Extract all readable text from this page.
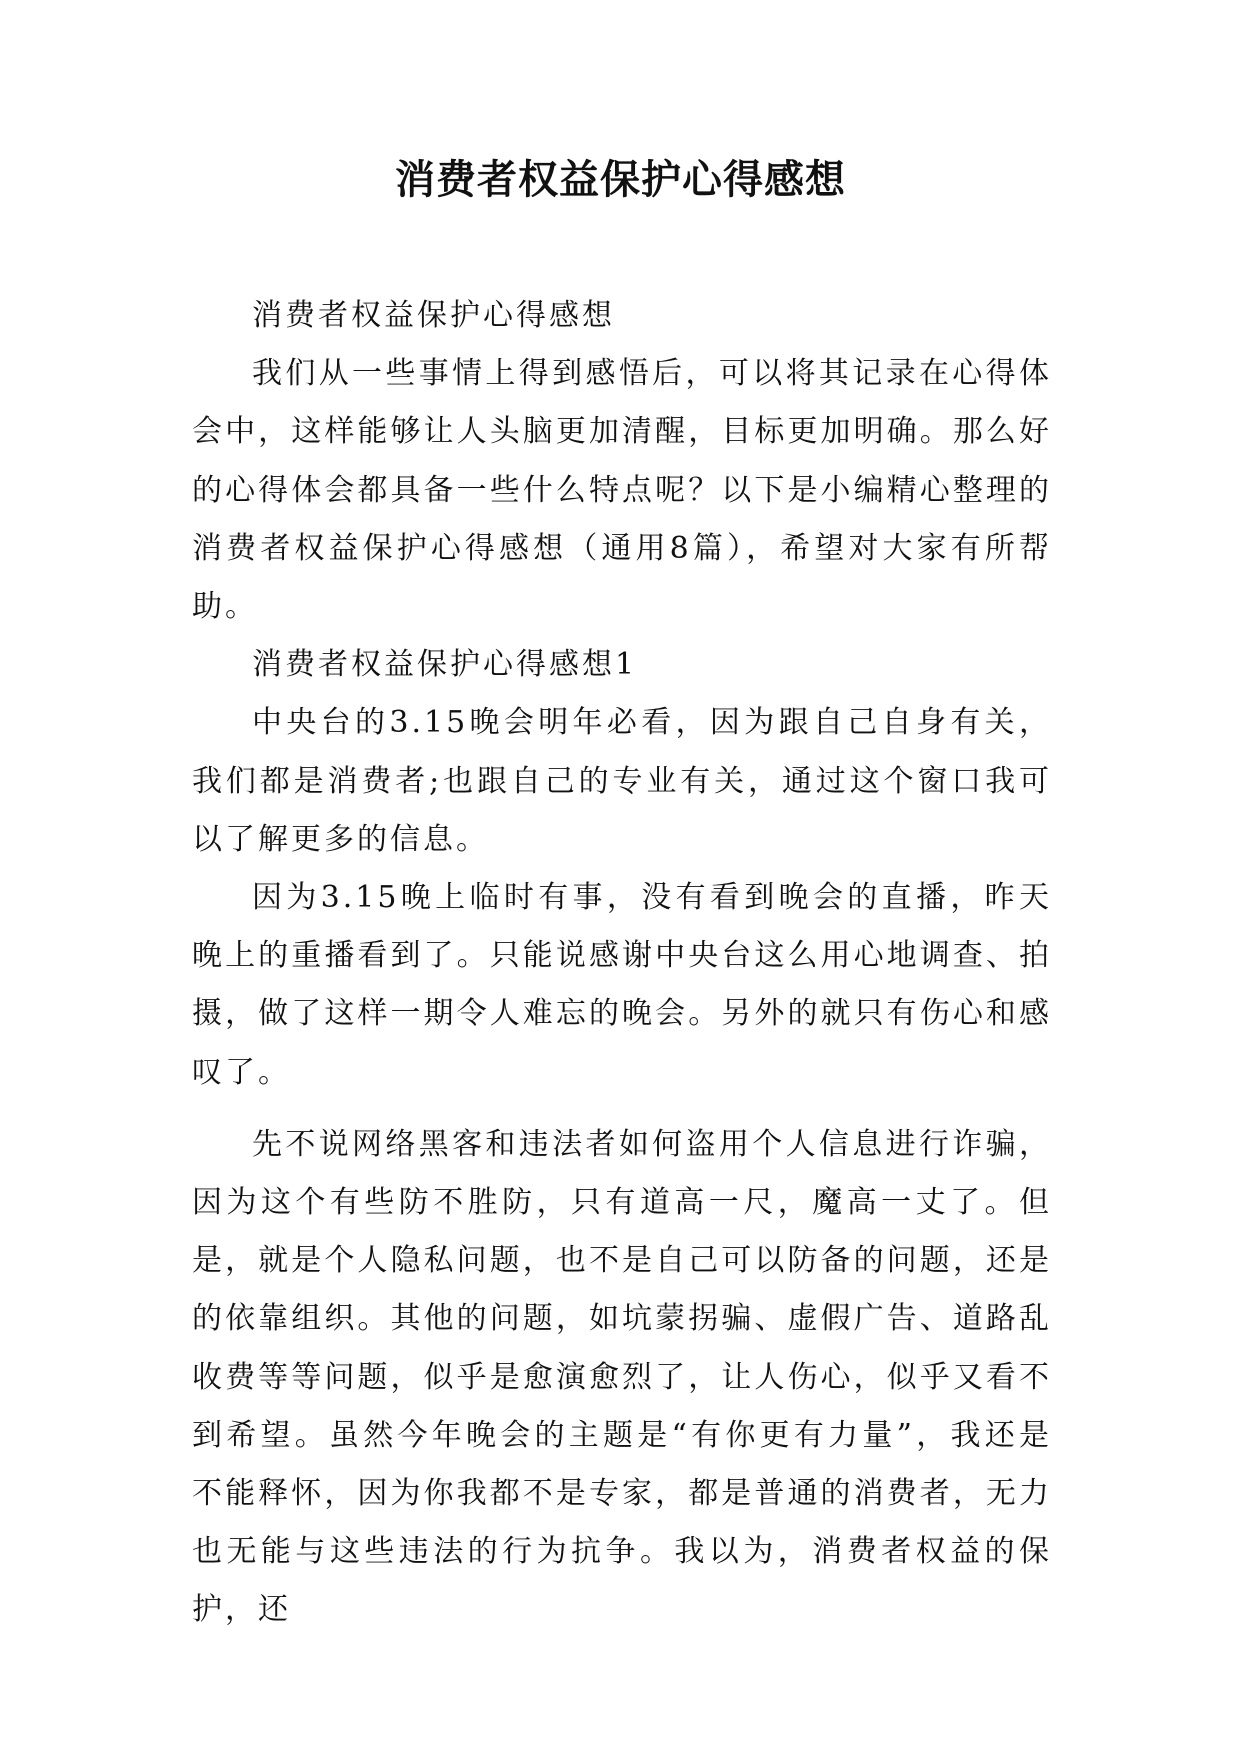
消费者权益保护心得感想

消费者权益保护心得感想

我们从一些事情上得到感悟后，可以将其记录在心得体会中，这样能够让人头脑更加清醒，目标更加明确。那么好的心得体会都具备一些什么特点呢？以下是小编精心整理的消费者权益保护心得感想（通用8篇），希望对大家有所帮助。

消费者权益保护心得感想1

中央台的3.15晚会明年必看，因为跟自己自身有关，我们都是消费者;也跟自己的专业有关，通过这个窗口我可以了解更多的信息。

因为3.15晚上临时有事，没有看到晚会的直播，昨天晚上的重播看到了。只能说感谢中央台这么用心地调查、拍摄，做了这样一期令人难忘的晚会。另外的就只有伤心和感叹了。

先不说网络黑客和违法者如何盗用个人信息进行诈骗，因为这个有些防不胜防，只有道高一尺，魔高一丈了。但是，就是个人隐私问题，也不是自己可以防备的问题，还是的依靠组织。其他的问题，如坑蒙拐骗、虚假广告、道路乱收费等等问题，似乎是愈演愈烈了，让人伤心，似乎又看不到希望。虽然今年晚会的主题是“有你更有力量”，我还是不能释怀，因为你我都不是专家，都是普通的消费者，无力也无能与这些违法的行为抗争。我以为，消费者权益的保护，还
